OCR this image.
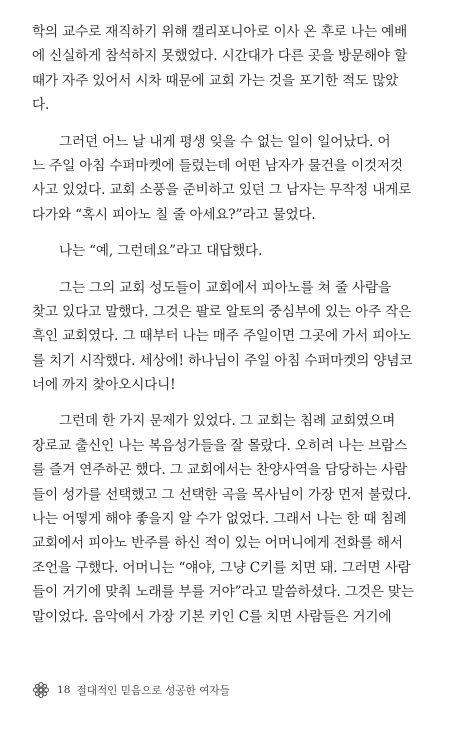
학의 교수로 재직하기 위해 캘리포니아로 이사 온 후로 나는 예배
에 신실하게 참석하지 못했었다. 시간대가 다른 곳을 방문해야 할
때가 자주 있어서 시차 때문에 교회 가는 것을 포기한 적도 많았
다.
그러던 어느 날 내게 평생 잊을 수 없는 일이 일어났다. 어
느 주일 아침 수퍼마켓에 들렀는데 어떤 남자가 물건을 이것저것
사고 있었다. 교회 소풍을 준비하고 있던 그 남자는 무작정 내게로
다가와 “혹시 피아노 칠 줄 아세요?”라고 물었다.
나는 “예, 그런데요”라고 대답했다.
그는 그의 교회 성도들이 교회에서 피아노를 쳐 줄 사람을
찾고 있다고 말했다. 그것은 팔로 알토의 중심부에 있는 아주 작은
흑인 교회였다. 그 때부터 나는 매주 주일이면 그곳에 가서 피아노
를 치기 시작했다. 세상에! 하나님이 주일 아침 수퍼마켓의 양념코
너에 까지 찾아오시다니!
그런데 한 가지 문제가 있었다. 그 교회는 침례 교회였으며
장로교 출신인 나는 복음성가들을 잘 몰랐다. 오히려 나는 브람스
를 즐겨 연주하곤 했다. 그 교회에서는 찬양사역을 담당하는 사람
들이 성가를 선택했고 그 선택한 곡을 목사님이 가장 먼저 불렀다.
나는 어떻게 해야 좋을지 알 수가 없었다. 그래서 나는 한 때 침례
교회에서 피아노 반주를 하신 적이 있는 어머니에게 전화를 해서
조언을 구했다. 어머니는 “얘야, 그냥 C키를 치면 돼. 그러면 사람
들이 거기에 맞춰 노래를 부를 거야”라고 말씀하셨다. 그것은 맞는
말이었다. 음악에서 가장 기본 키인 C를 치면 사람들은 거기에
18 절대적인 믿음으로 성공한 여자들
